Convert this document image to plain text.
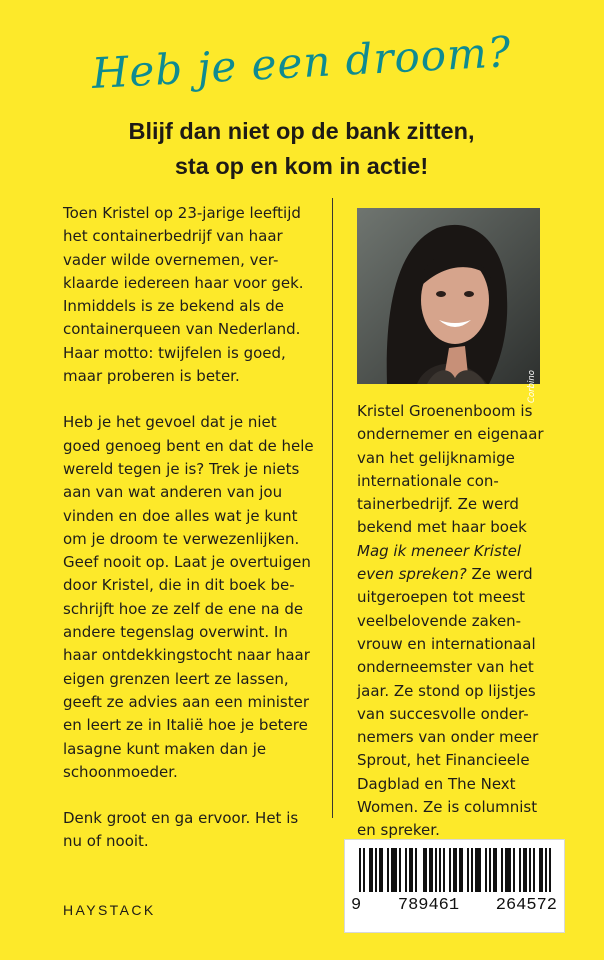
Heb je een droom?
Blijf dan niet op de bank zitten,
sta op en kom in actie!

Toen Kristel op 23-jarige leeftijd
het containerbedrijf van haar
vader wilde overnemen, ver-
klaarde iedereen haar voor gek.
Inmiddels is ze bekend als de
containerqueen van Nederland.
Haar motto: twijfelen is goed,
maar proberen is beter.

Heb je het gevoel dat je niet
goed genoeg bent en dat de hele
wereld tegen je is? Trek je niets
aan van wat anderen van jou
vinden en doe alles wat je kunt
om je droom te verwezenlijken.
Geef nooit op. Laat je overtuigen
door Kristel, die in dit boek be-
schrijft hoe ze zelf de ene na de
andere tegenslag overwint. In
haar ontdekkingstocht naar haar
eigen grenzen leert ze lassen,
geeft ze advies aan een minister
en leert ze in Italië hoe je betere
lasagne kunt maken dan je
schoonmoeder.

Denk groot en ga ervoor. Het is
nu of nooit.

Corbino

Kristel Groenenboom is
ondernemer en eigenaar
van het gelijknamige
internationale con-
tainerbedrijf. Ze werd
bekend met haar boek
Mag ik meneer Kristel
even spreken? Ze werd
uitgeroepen tot meest
veelbelovende zaken-
vrouw en internationaal
onderneemster van het
jaar. Ze stond op lijstjes
van succesvolle onder-
nemers van onder meer
Sprout, het Financieele
Dagblad en The Next
Women. Ze is columnist
en spreker.

9 789461 264572
HAYSTACK
